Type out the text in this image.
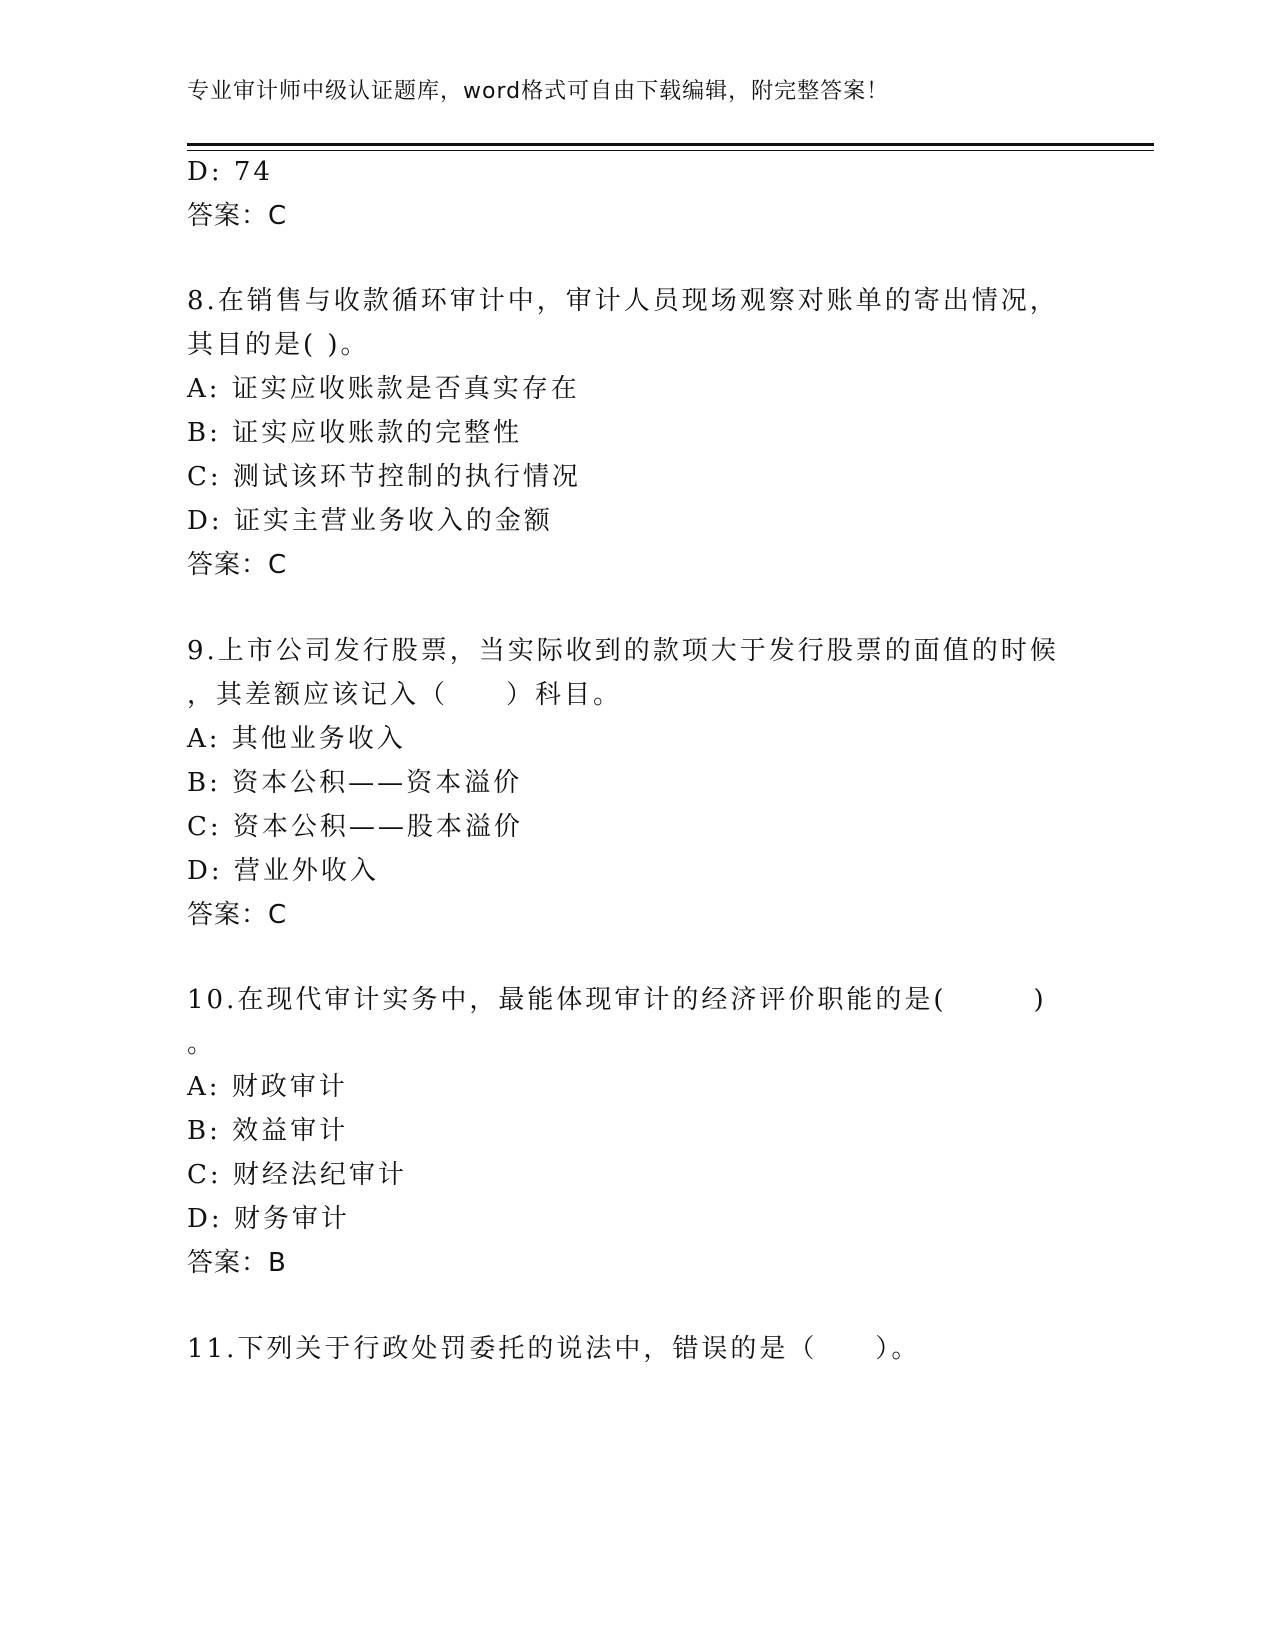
专业审计师中级认证题库，word格式可自由下载编辑，附完整答案！
D: 74
答案：C
8.在销售与收款循环审计中，审计人员现场观察对账单的寄出情况，
其目的是( )。
A: 证实应收账款是否真实存在
B: 证实应收账款的完整性
C: 测试该环节控制的执行情况
D: 证实主营业务收入的金额
答案：C
9.上市公司发行股票，当实际收到的款项大于发行股票的面值的时候
，其差额应该记入（　　）科目。
A: 其他业务收入
B: 资本公积——资本溢价
C: 资本公积——股本溢价
D: 营业外收入
答案：C
10.在现代审计实务中，最能体现审计的经济评价职能的是(　　　)
。
A: 财政审计
B: 效益审计
C: 财经法纪审计
D: 财务审计
答案：B
11.下列关于行政处罚委托的说法中，错误的是（　　）。
